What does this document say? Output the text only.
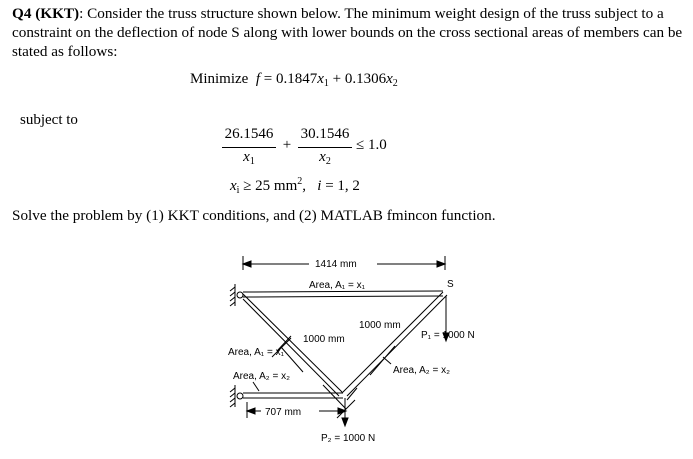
Q4 (KKT): Consider the truss structure shown below. The minimum weight design of the truss subject to a constraint on the deflection of node S along with lower bounds on the cross sectional areas of members can be stated as follows:
Minimize $f = 0.1847x_1 + 0.1306x_2$
subject to
26.1546
$x_1$
+
30.1546
$x_2$
≤ 1.0
$x_i \ge 25$ $mm^2$, i = 1, 2
Solve the problem by (1) KKT conditions, and (2) MATLAB fmincon function.
1414 mm
Area, A₁ = x₁	S
1000 mm
1000 mm	P₁ = 1000 N
Area, A₁ = x₁
Area, A₂ = x₂
Area, A₂ = x₂
707 mm
P₂ = 1000 N
